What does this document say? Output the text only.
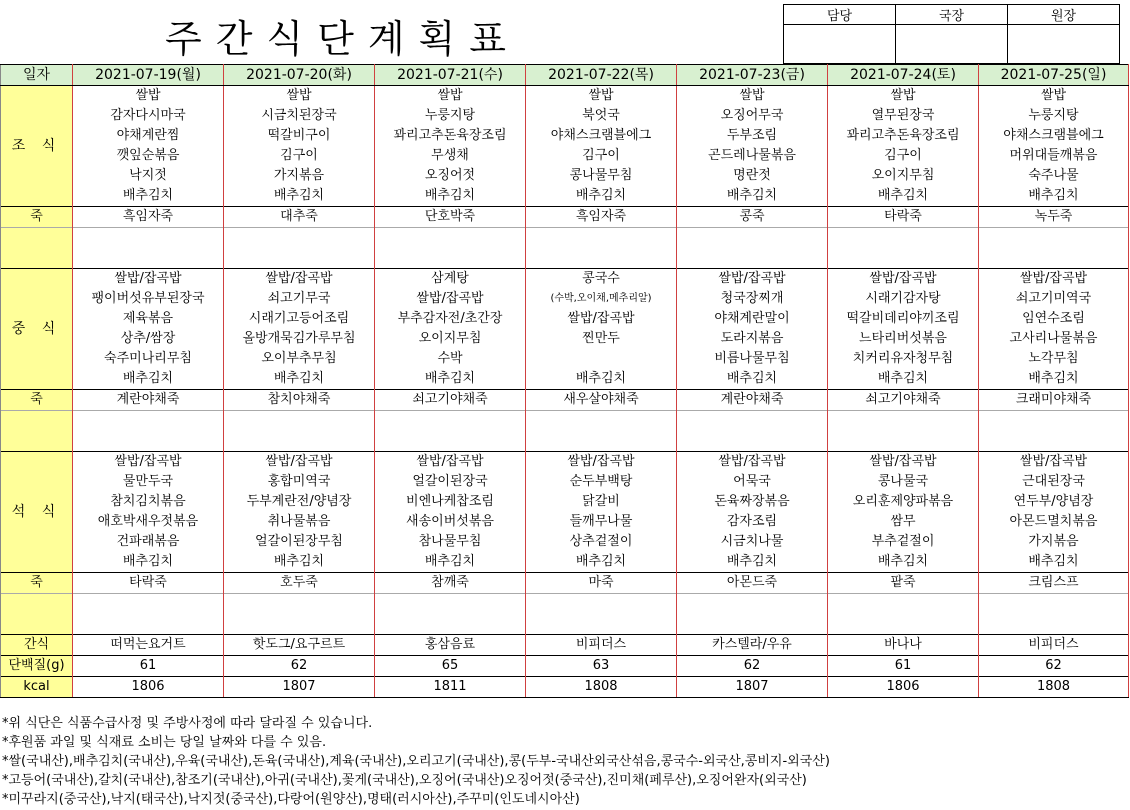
주간식단계획표
담당	국장	원장

일자	2021-07-19(월)	2021-07-20(화)	2021-07-21(수)	2021-07-22(목)	2021-07-23(금)	2021-07-24(토)	2021-07-25(일)
조 식	쌀밥	쌀밥	쌀밥	쌀밥	쌀밥	쌀밥	쌀밥
	감자다시마국	시금치된장국	누룽지탕	북엇국	오징어무국	열무된장국	누룽지탕
	야채계란찜	떡갈비구이	꽈리고추돈육장조림	야채스크램블에그	두부조림	꽈리고추돈육장조림	야채스크램블에그
	깻잎순볶음	김구이	무생채	김구이	곤드레나물볶음	김구이	머위대들깨볶음
	낙지젓	가지볶음	오징어젓	콩나물무침	명란젓	오이지무침	숙주나물
	배추김치	배추김치	배추김치	배추김치	배추김치	배추김치	배추김치
죽	흑임자죽	대추죽	단호박죽	흑임자죽	콩죽	타락죽	녹두죽

중 식	쌀밥/잡곡밥	쌀밥/잡곡밥	삼계탕	콩국수	쌀밥/잡곡밥	쌀밥/잡곡밥	쌀밥/잡곡밥
	팽이버섯유부된장국	쇠고기무국	쌀밥/잡곡밥	(수박,오이채,메추리알)	청국장찌개	시래기감자탕	쇠고기미역국
	제육볶음	시래기고등어조림	부추감자전/초간장	쌀밥/잡곡밥	야채계란말이	떡갈비데리야끼조림	임연수조림
	상추/쌈장	올방개묵김가루무침	오이지무침	찐만두	도라지볶음	느타리버섯볶음	고사리나물볶음
	숙주미나리무침	오이부추무침	수박		비름나물무침	치커리유자청무침	노각무침
	배추김치	배추김치	배추김치	배추김치	배추김치	배추김치	배추김치
죽	계란야채죽	참치야채죽	쇠고기야채죽	새우살야채죽	계란야채죽	쇠고기야채죽	크래미야채죽

석 식	쌀밥/잡곡밥	쌀밥/잡곡밥	쌀밥/잡곡밥	쌀밥/잡곡밥	쌀밥/잡곡밥	쌀밥/잡곡밥	쌀밥/잡곡밥
	물만두국	홍합미역국	얼갈이된장국	순두부백탕	어묵국	콩나물국	근대된장국
	참치김치볶음	두부계란전/양념장	비엔나케찹조림	닭갈비	돈육짜장볶음	오리훈제양파볶음	연두부/양념장
	애호박새우젓볶음	취나물볶음	새송이버섯볶음	들깨무나물	감자조림	쌈무	아몬드멸치볶음
	건파래볶음	얼갈이된장무침	참나물무침	상추겉절이	시금치나물	부추겉절이	가지볶음
	배추김치	배추김치	배추김치	배추김치	배추김치	배추김치	배추김치
죽	타락죽	호두죽	참깨죽	마죽	아몬드죽	팥죽	크림스프

간식	떠먹는요거트	핫도그/요구르트	홍삼음료	비피더스	카스텔라/우유	바나나	비피더스
단백질(g)	61	62	65	63	62	61	62
kcal	1806	1807	1811	1808	1807	1806	1808
*위 식단은 식품수급사정 및 주방사정에 따라 달라질 수 있습니다.
*후원품 과일 및 식재료 소비는 당일 날짜와 다를 수 있음.
*쌀(국내산),배추김치(국내산),우육(국내산),돈육(국내산),계육(국내산),오리고기(국내산),콩(두부-국내산외국산섞음,콩국수-외국산,콩비지-외국산)
*고등어(국내산),갈치(국내산),참조기(국내산),아귀(국내산),꽃게(국내산),오징어(국내산)오징어젓(중국산),진미채(페루산),오징어완자(외국산)
*미꾸라지(중국산),낙지(태국산),낙지젓(중국산),다랑어(원양산),명태(러시아산),주꾸미(인도네시아산)
